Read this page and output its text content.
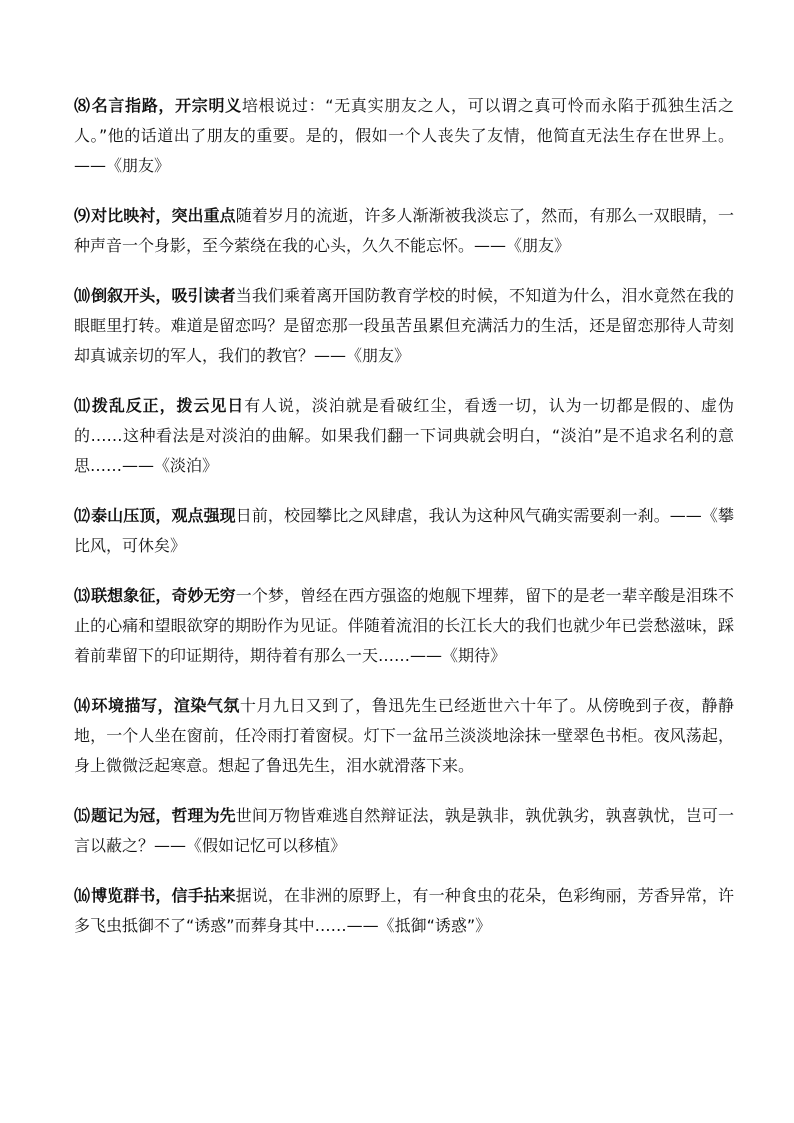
⑻名言指路，开宗明义培根说过：“无真实朋友之人，可以谓之真可怜而永陷于孤独生活之人。”他的话道出了朋友的重要。是的，假如一个人丧失了友情，他简直无法生存在世界上。——《朋友》

⑼对比映衬，突出重点随着岁月的流逝，许多人渐渐被我淡忘了，然而，有那么一双眼睛，一种声音一个身影，至今萦绕在我的心头，久久不能忘怀。——《朋友》

⑽倒叙开头，吸引读者当我们乘着离开国防教育学校的时候，不知道为什么，泪水竟然在我的眼眶里打转。难道是留恋吗？是留恋那一段虽苦虽累但充满活力的生活，还是留恋那待人苛刻却真诚亲切的军人，我们的教官？——《朋友》

⑾拨乱反正，拨云见日有人说，淡泊就是看破红尘，看透一切，认为一切都是假的、虚伪的……这种看法是对淡泊的曲解。如果我们翻一下词典就会明白，“淡泊”是不追求名利的意思……——《淡泊》

⑿泰山压顶，观点强现日前，校园攀比之风肆虐，我认为这种风气确实需要刹一刹。——《攀比风，可休矣》

⒀联想象征，奇妙无穷一个梦，曾经在西方强盗的炮舰下埋葬，留下的是老一辈辛酸是泪珠不止的心痛和望眼欲穿的期盼作为见证。伴随着流泪的长江长大的我们也就少年已尝愁滋味，踩着前辈留下的印证期待，期待着有那么一天……——《期待》

⒁环境描写，渲染气氛十月九日又到了，鲁迅先生已经逝世六十年了。从傍晚到子夜，静静地，一个人坐在窗前，任冷雨打着窗棂。灯下一盆吊兰淡淡地涂抹一壁翠色书柜。夜风荡起，身上微微泛起寒意。想起了鲁迅先生，泪水就滑落下来。

⒂题记为冠，哲理为先世间万物皆难逃自然辩证法，孰是孰非，孰优孰劣，孰喜孰忧，岂可一言以蔽之？——《假如记忆可以移植》

⒃博览群书，信手拈来据说，在非洲的原野上，有一种食虫的花朵，色彩绚丽，芳香异常，许多飞虫抵御不了“诱惑”而葬身其中……——《抵御“诱惑”》
